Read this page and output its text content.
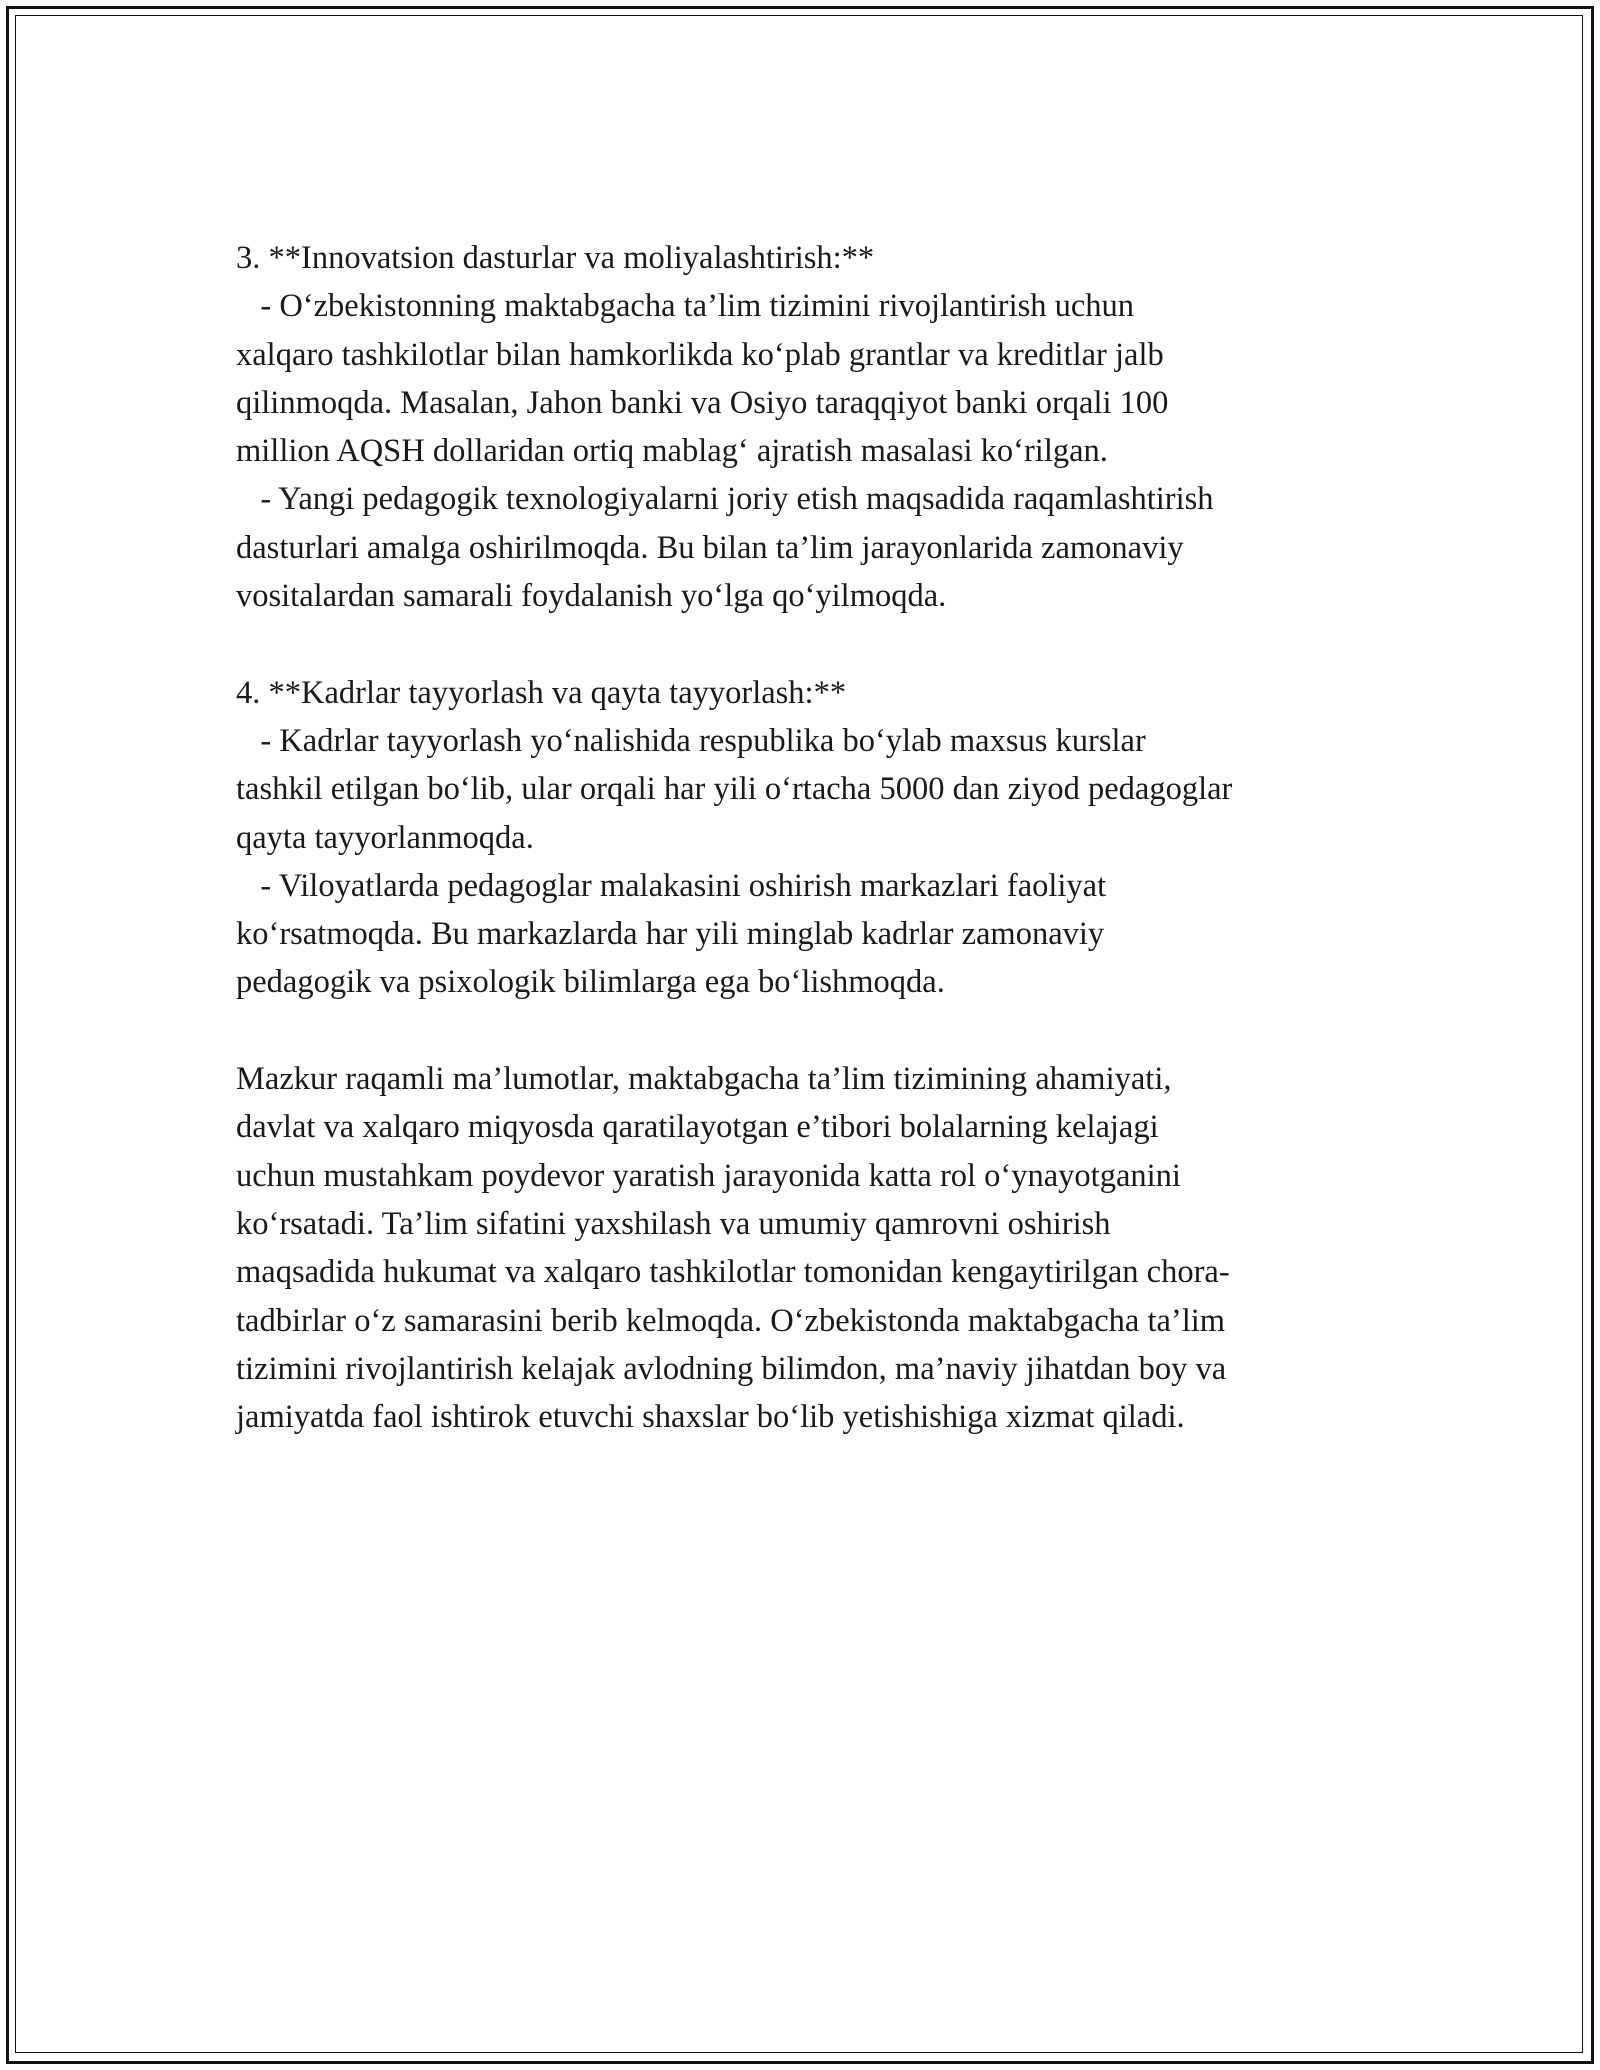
3. **Innovatsion dasturlar va moliyalashtirish:**
- O‘zbekistonning maktabgacha ta’lim tizimini rivojlantirish uchun
xalqaro tashkilotlar bilan hamkorlikda ko‘plab grantlar va kreditlar jalb
qilinmoqda. Masalan, Jahon banki va Osiyo taraqqiyot banki orqali 100
million AQSH dollaridan ortiq mablag‘ ajratish masalasi ko‘rilgan.
- Yangi pedagogik texnologiyalarni joriy etish maqsadida raqamlashtirish
dasturlari amalga oshirilmoqda. Bu bilan ta’lim jarayonlarida zamonaviy
vositalardan samarali foydalanish yo‘lga qo‘yilmoqda.
4. **Kadrlar tayyorlash va qayta tayyorlash:**
- Kadrlar tayyorlash yo‘nalishida respublika bo‘ylab maxsus kurslar
tashkil etilgan bo‘lib, ular orqali har yili o‘rtacha 5000 dan ziyod pedagoglar
qayta tayyorlanmoqda.
- Viloyatlarda pedagoglar malakasini oshirish markazlari faoliyat
ko‘rsatmoqda. Bu markazlarda har yili minglab kadrlar zamonaviy
pedagogik va psixologik bilimlarga ega bo‘lishmoqda.
Mazkur raqamli ma’lumotlar, maktabgacha ta’lim tizimining ahamiyati,
davlat va xalqaro miqyosda qaratilayotgan e’tibori bolalarning kelajagi
uchun mustahkam poydevor yaratish jarayonida katta rol o‘ynayotganini
ko‘rsatadi. Ta’lim sifatini yaxshilash va umumiy qamrovni oshirish
maqsadida hukumat va xalqaro tashkilotlar tomonidan kengaytirilgan chora-
tadbirlar o‘z samarasini berib kelmoqda. O‘zbekistonda maktabgacha ta’lim
tizimini rivojlantirish kelajak avlodning bilimdon, ma’naviy jihatdan boy va
jamiyatda faol ishtirok etuvchi shaxslar bo‘lib yetishishiga xizmat qiladi.
